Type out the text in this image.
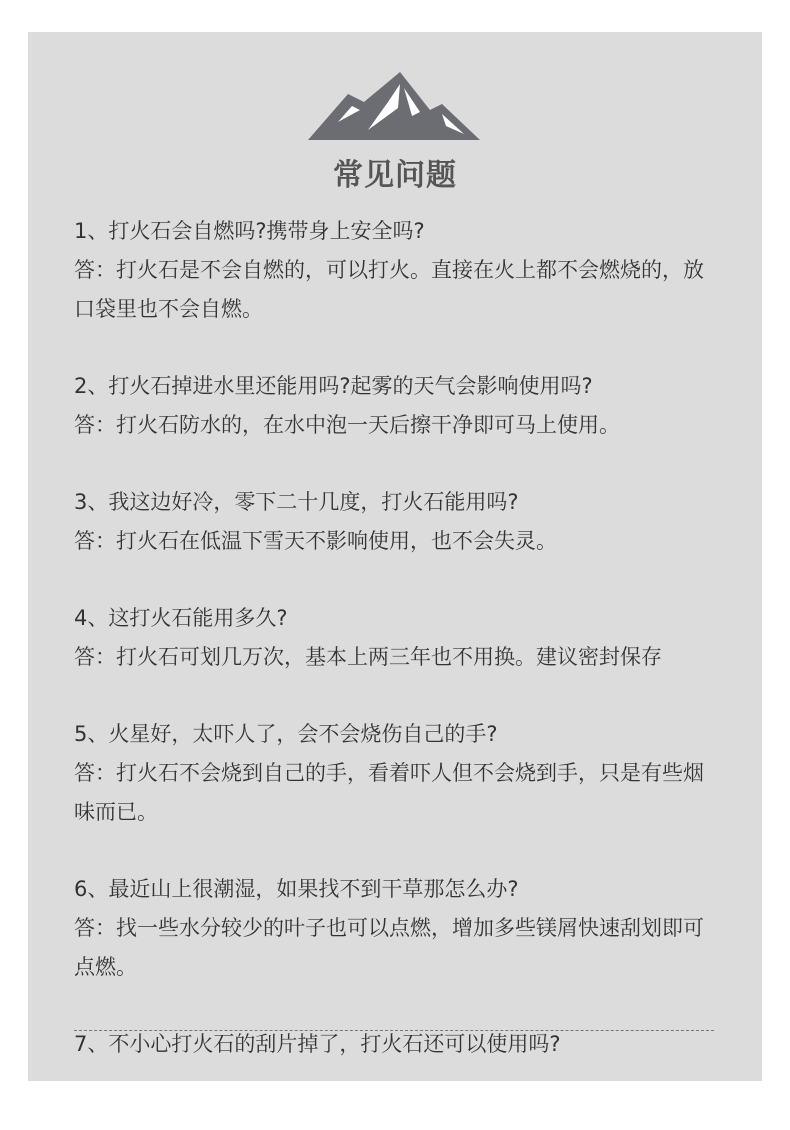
常见问题

1、打火石会自燃吗?携带身上安全吗?

答：打火石是不会自燃的，可以打火。直接在火上都不会燃烧的，放口袋里也不会自燃。

2、打火石掉进水里还能用吗?起雾的天气会影响使用吗?

答：打火石防水的，在水中泡一天后擦干净即可马上使用。

3、我这边好冷，零下二十几度，打火石能用吗?

答：打火石在低温下雪天不影响使用，也不会失灵。

4、这打火石能用多久?

答：打火石可划几万次，基本上两三年也不用换。建议密封保存

5、火星好，太吓人了，会不会烧伤自己的手?

答：打火石不会烧到自己的手，看着吓人但不会烧到手，只是有些烟味而已。

6、最近山上很潮湿，如果找不到干草那怎么办?

答：找一些水分较少的叶子也可以点燃，增加多些镁屑快速刮划即可点燃。

7、不小心打火石的刮片掉了，打火石还可以使用吗?
